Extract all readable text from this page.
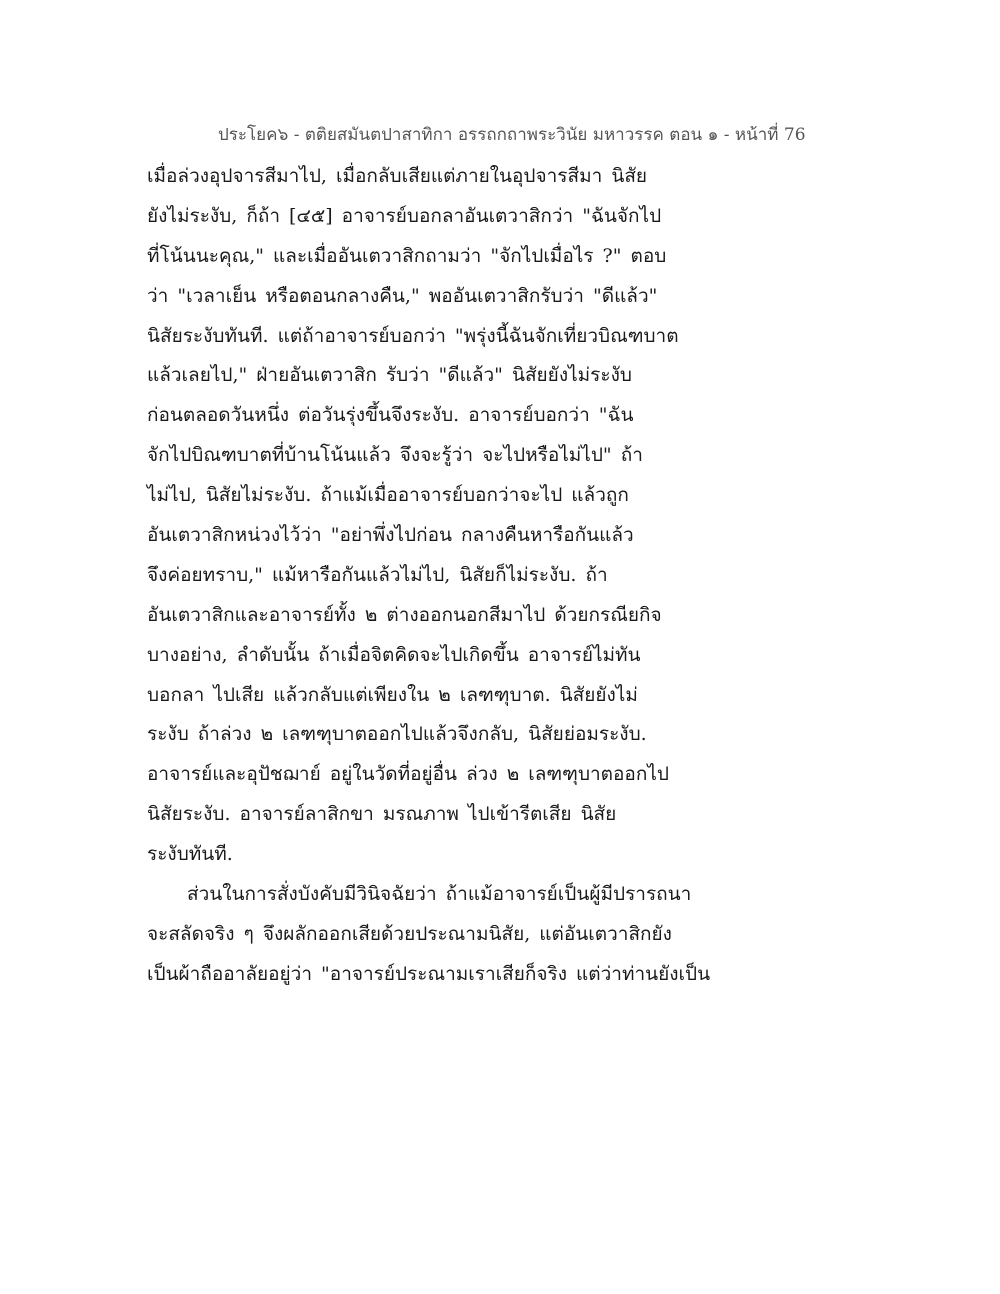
ประโยค๖ - ตติยสมันตปาสาทิกา อรรถกถาพระวินัย มหาวรรค ตอน ๑ - หน้าที่ 76
เมื่อล่วงอุปจารสีมาไป, เมื่อกลับเสียแต่ภายในอุปจารสีมา นิสัย
ยังไม่ระงับ, ก็ถ้า [๔๕] อาจารย์บอกลาอันเตวาสิกว่า "ฉันจักไป
ที่โน้นนะคุณ," และเมื่ออันเตวาสิกถามว่า "จักไปเมื่อไร ?" ตอบ
ว่า "เวลาเย็น หรือตอนกลางคืน," พออันเตวาสิกรับว่า "ดีแล้ว"
นิสัยระงับทันที. แต่ถ้าอาจารย์บอกว่า "พรุ่งนี้ฉันจักเที่ยวบิณฑบาต
แล้วเลยไป," ฝ่ายอันเตวาสิก รับว่า "ดีแล้ว" นิสัยยังไม่ระงับ
ก่อนตลอดวันหนึ่ง ต่อวันรุ่งขึ้นจึงระงับ. อาจารย์บอกว่า "ฉัน
จักไปบิณฑบาตที่บ้านโน้นแล้ว จึงจะรู้ว่า จะไปหรือไม่ไป" ถ้า
ไม่ไป, นิสัยไม่ระงับ. ถ้าแม้เมื่ออาจารย์บอกว่าจะไป แล้วถูก
อันเตวาสิกหน่วงไว้ว่า "อย่าพึ่งไปก่อน กลางคืนหารือกันแล้ว
จึงค่อยทราบ," แม้หารือกันแล้วไม่ไป, นิสัยก็ไม่ระงับ. ถ้า
อันเตวาสิกและอาจารย์ทั้ง ๒ ต่างออกนอกสีมาไป ด้วยกรณียกิจ
บางอย่าง, ลำดับนั้น ถ้าเมื่อจิตคิดจะไปเกิดขึ้น อาจารย์ไม่ทัน
บอกลา ไปเสีย แล้วกลับแต่เพียงใน ๒ เลฑฑุบาต. นิสัยยังไม่
ระงับ ถ้าล่วง ๒ เลฑฑุบาตออกไปแล้วจึงกลับ, นิสัยย่อมระงับ.
อาจารย์และอุปัชฌาย์ อยู่ในวัดที่อยู่อื่น ล่วง ๒ เลฑฑุบาตออกไป
นิสัยระงับ. อาจารย์ลาสิกขา มรณภาพ ไปเข้ารีตเสีย นิสัย
ระงับทันที.
ส่วนในการสั่งบังคับมีวินิจฉัยว่า ถ้าแม้อาจารย์เป็นผู้มีปรารถนา
จะสลัดจริง ๆ จึงผลักออกเสียด้วยประณามนิสัย, แต่อันเตวาสิกยัง
เป็นผ้าถืออาลัยอยู่ว่า "อาจารย์ประณามเราเสียก็จริง แต่ว่าท่านยังเป็น
